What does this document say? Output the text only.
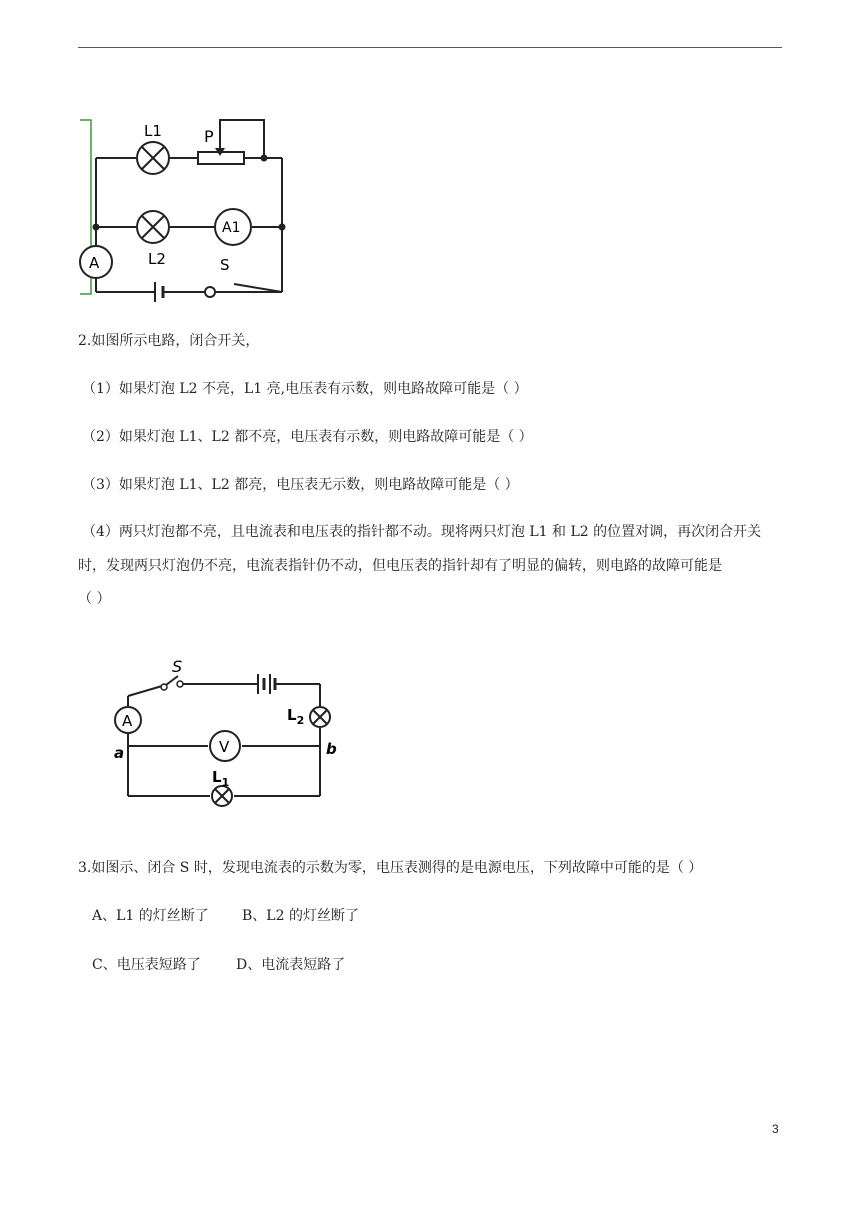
L1	P
A1
A	L2	S
2.如图所示电路，闭合开关，
（1）如果灯泡 L2 不亮，L1 亮,电压表有示数，则电路故障可能是（ ）
（2）如果灯泡 L1、L2 都不亮，电压表有示数，则电路故障可能是（ ）
（3）如果灯泡 L1、L2 都亮，电压表无示数，则电路故障可能是（ ）
（4）两只灯泡都不亮，且电流表和电压表的指针都不动。现将两只灯泡 L1 和 L2 的位置对调，再次闭合开关
时，发现两只灯泡仍不亮，电流表指针仍不动，但电压表的指针却有了明显的偏转，则电路的故障可能是
（ ）
S
A	$L_2$
a	V	b
$L_1$
3.如图示、闭合 S 时，发现电流表的示数为零，电压表测得的是电源电压，下列故障中可能的是（ ）
A、L1 的灯丝断了 B、L2 的灯丝断了
C、电压表短路了	D、电流表短路了
3
